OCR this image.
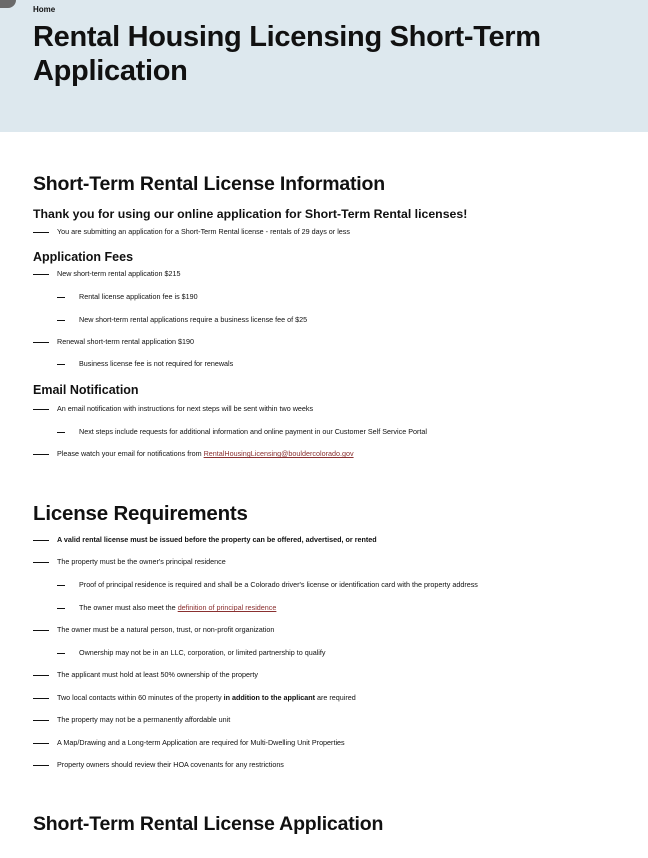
Home
Rental Housing Licensing Short-Term Application
Short-Term Rental License Information
Thank you for using our online application for Short-Term Rental licenses!
You are submitting an application for a Short-Term Rental license - rentals of 29 days or less
Application Fees
New short-term rental application $215
Rental license application fee is $190
New short-term rental applications require a business license fee of $25
Renewal short-term rental application $190
Business license fee is not required for renewals
Email Notification
An email notification with instructions for next steps will be sent within two weeks
Next steps include requests for additional information and online payment in our Customer Self Service Portal
Please watch your email for notifications from RentalHousingLicensing@bouldercolorado.gov
License Requirements
A valid rental license must be issued before the property can be offered, advertised, or rented
The property must be the owner's principal residence
Proof of principal residence is required and shall be a Colorado driver's license or identification card with the property address
The owner must also meet the definition of principal residence
The owner must be a natural person, trust, or non-profit organization
Ownership may not be in an LLC, corporation, or limited partnership to qualify
The applicant must hold at least 50% ownership of the property
Two local contacts within 60 minutes of the property in addition to the applicant are required
The property may not be a permanently affordable unit
A Map/Drawing and a Long-term Application are required for Multi-Dwelling Unit Properties
Property owners should review their HOA covenants for any restrictions
Short-Term Rental License Application
